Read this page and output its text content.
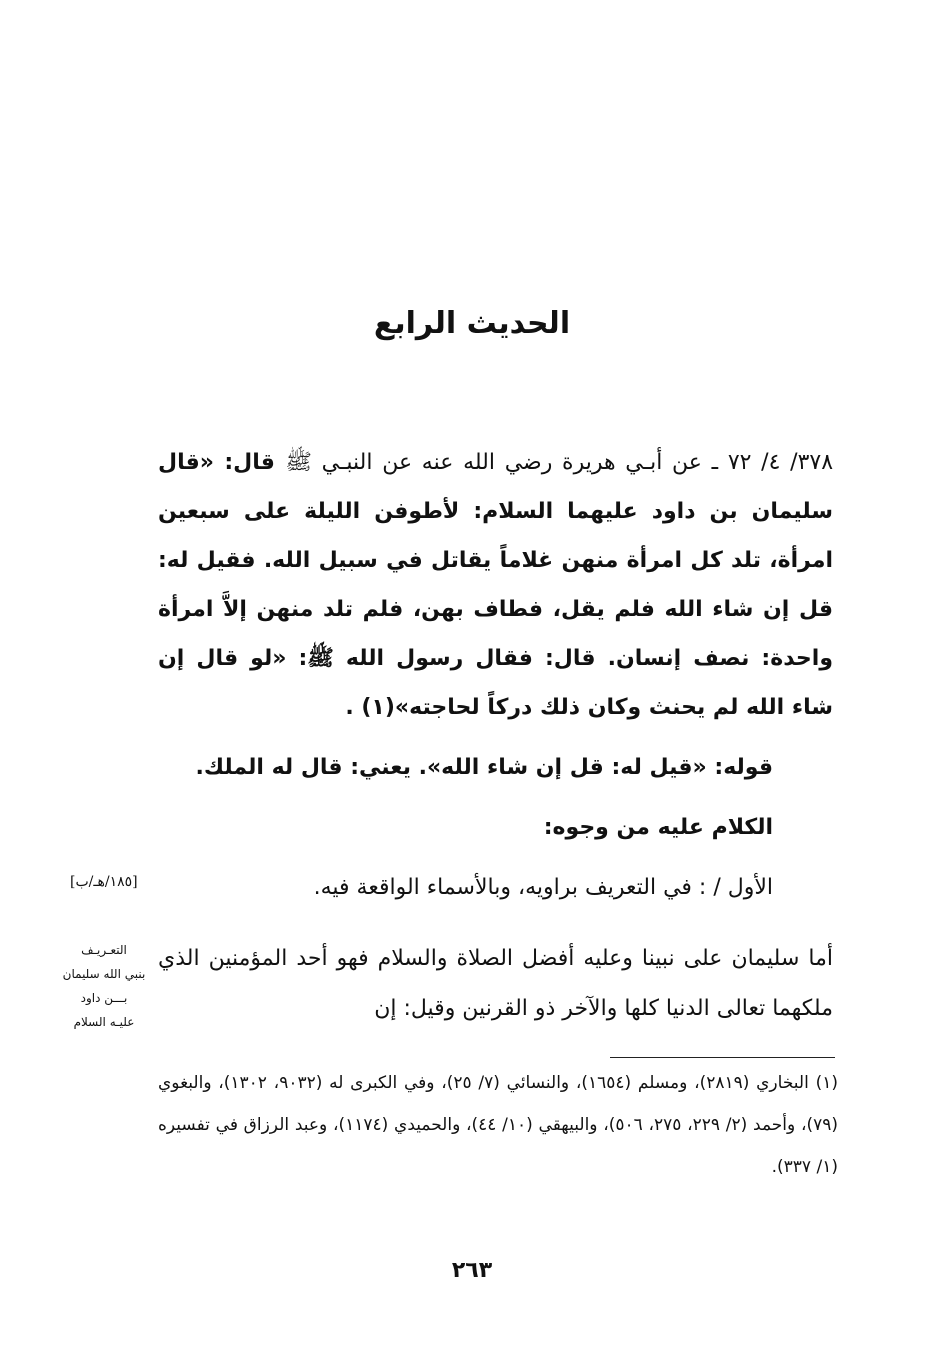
الحديث الرابع
٣٧٨/ ٤/ ٧٢ ـ عن أبـي هريرة رضي الله عنه عن النبـي ﷺ قال: «قال سليمان بن داود عليهما السلام: لأطوفن الليلة على سبعين امرأة، تلد كل امرأة منهن غلاماً يقاتل في سبيل الله. فقيل له: قل إن شاء الله فلم يقل، فطاف بهن، فلم تلد منهن إلاَّ امرأة واحدة: نصف إنسان. قال: فقال رسول الله ﷺ: «لو قال إن شاء الله لم يحنث وكان ذلك دركاً لحاجته»(١) .
قوله: «قيل له: قل إن شاء الله». يعني: قال له الملك.
الكلام عليه من وجوه:
الأول / : في التعريف براويه، وبالأسماء الواقعة فيه.
[١٨٥/هـ/ب]
التعـريـف
بنبي الله سليمان
بـــن داود
عليـه السلام
أما سليمان على نبينا وعليه أفضل الصلاة والسلام فهو أحد المؤمنين الذي ملكهما تعالى الدنيا كلها والآخر ذو القرنين وقيل: إن
(١) البخاري (٢٨١٩)، ومسلم (١٦٥٤)، والنسائي (٧/ ٢٥)، وفي الكبرى له (٩٠٣٢، ١٣٠٢)، والبغوي (٧٩)، وأحمد (٢/ ٢٢٩، ٢٧٥، ٥٠٦)، والبيهقي (١٠/ ٤٤)، والحميدي (١١٧٤)، وعبد الرزاق في تفسيره (١/ ٣٣٧).
٢٦٣
